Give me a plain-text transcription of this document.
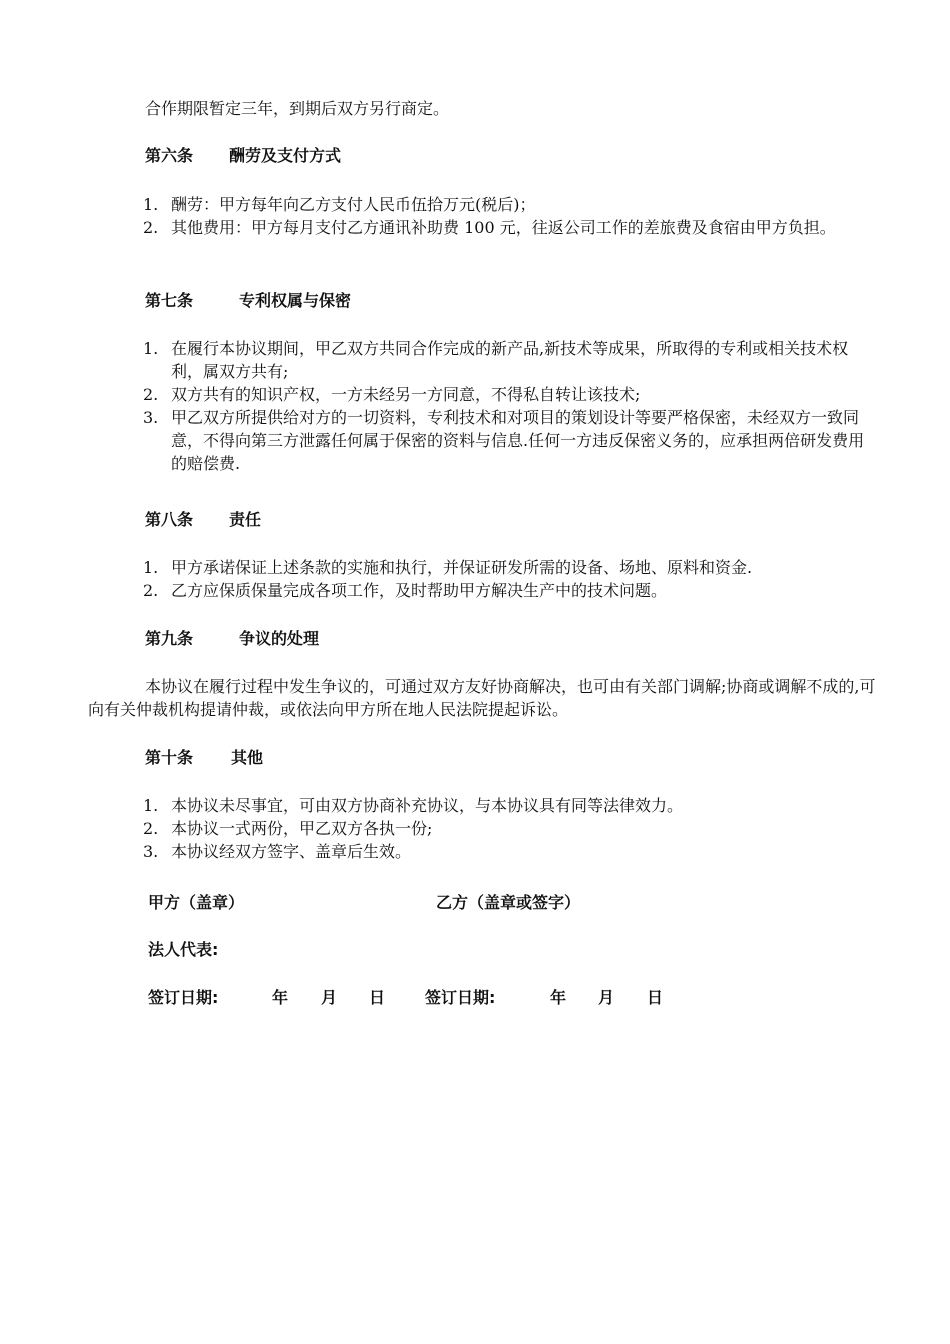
合作期限暂定三年，到期后双方另行商定。

第六条 酬劳及支付方式
1. 酬劳：甲方每年向乙方支付人民币伍拾万元(税后)；
2. 其他费用：甲方每月支付乙方通讯补助费 100 元，往返公司工作的差旅费及食宿由甲方负担。
第七条	专利权属与保密
1. 在履行本协议期间，甲乙双方共同合作完成的新产品,新技术等成果，所取得的专利或相关技术权利，属双方共有;
2. 双方共有的知识产权，一方未经另一方同意，不得私自转让该技术;
3. 甲乙双方所提供给对方的一切资料，专利技术和对项目的策划设计等要严格保密，未经双方一致同意，不得向第三方泄露任何属于保密的资料与信息.任何一方违反保密义务的，应承担两倍研发费用的赔偿费.
第八条 责任
1. 甲方承诺保证上述条款的实施和执行，并保证研发所需的设备、场地、原料和资金.
2. 乙方应保质保量完成各项工作，及时帮助甲方解决生产中的技术问题。
第九条	争议的处理

本协议在履行过程中发生争议的，可通过双方友好协商解决，也可由有关部门调解;协商或调解不成的,可向有关仲裁机构提请仲裁，或依法向甲方所在地人民法院提起诉讼。

第十条 其他
1. 本协议未尽事宜，可由双方协商补充协议，与本协议具有同等法律效力。
2. 本协议一式两份，甲乙双方各执一份;
3. 本协议经双方签字、盖章后生效。

甲方（盖章）	乙方（盖章或签字）

法人代表:

签订日期:	年 月 日 签订日期:	年 月 日
